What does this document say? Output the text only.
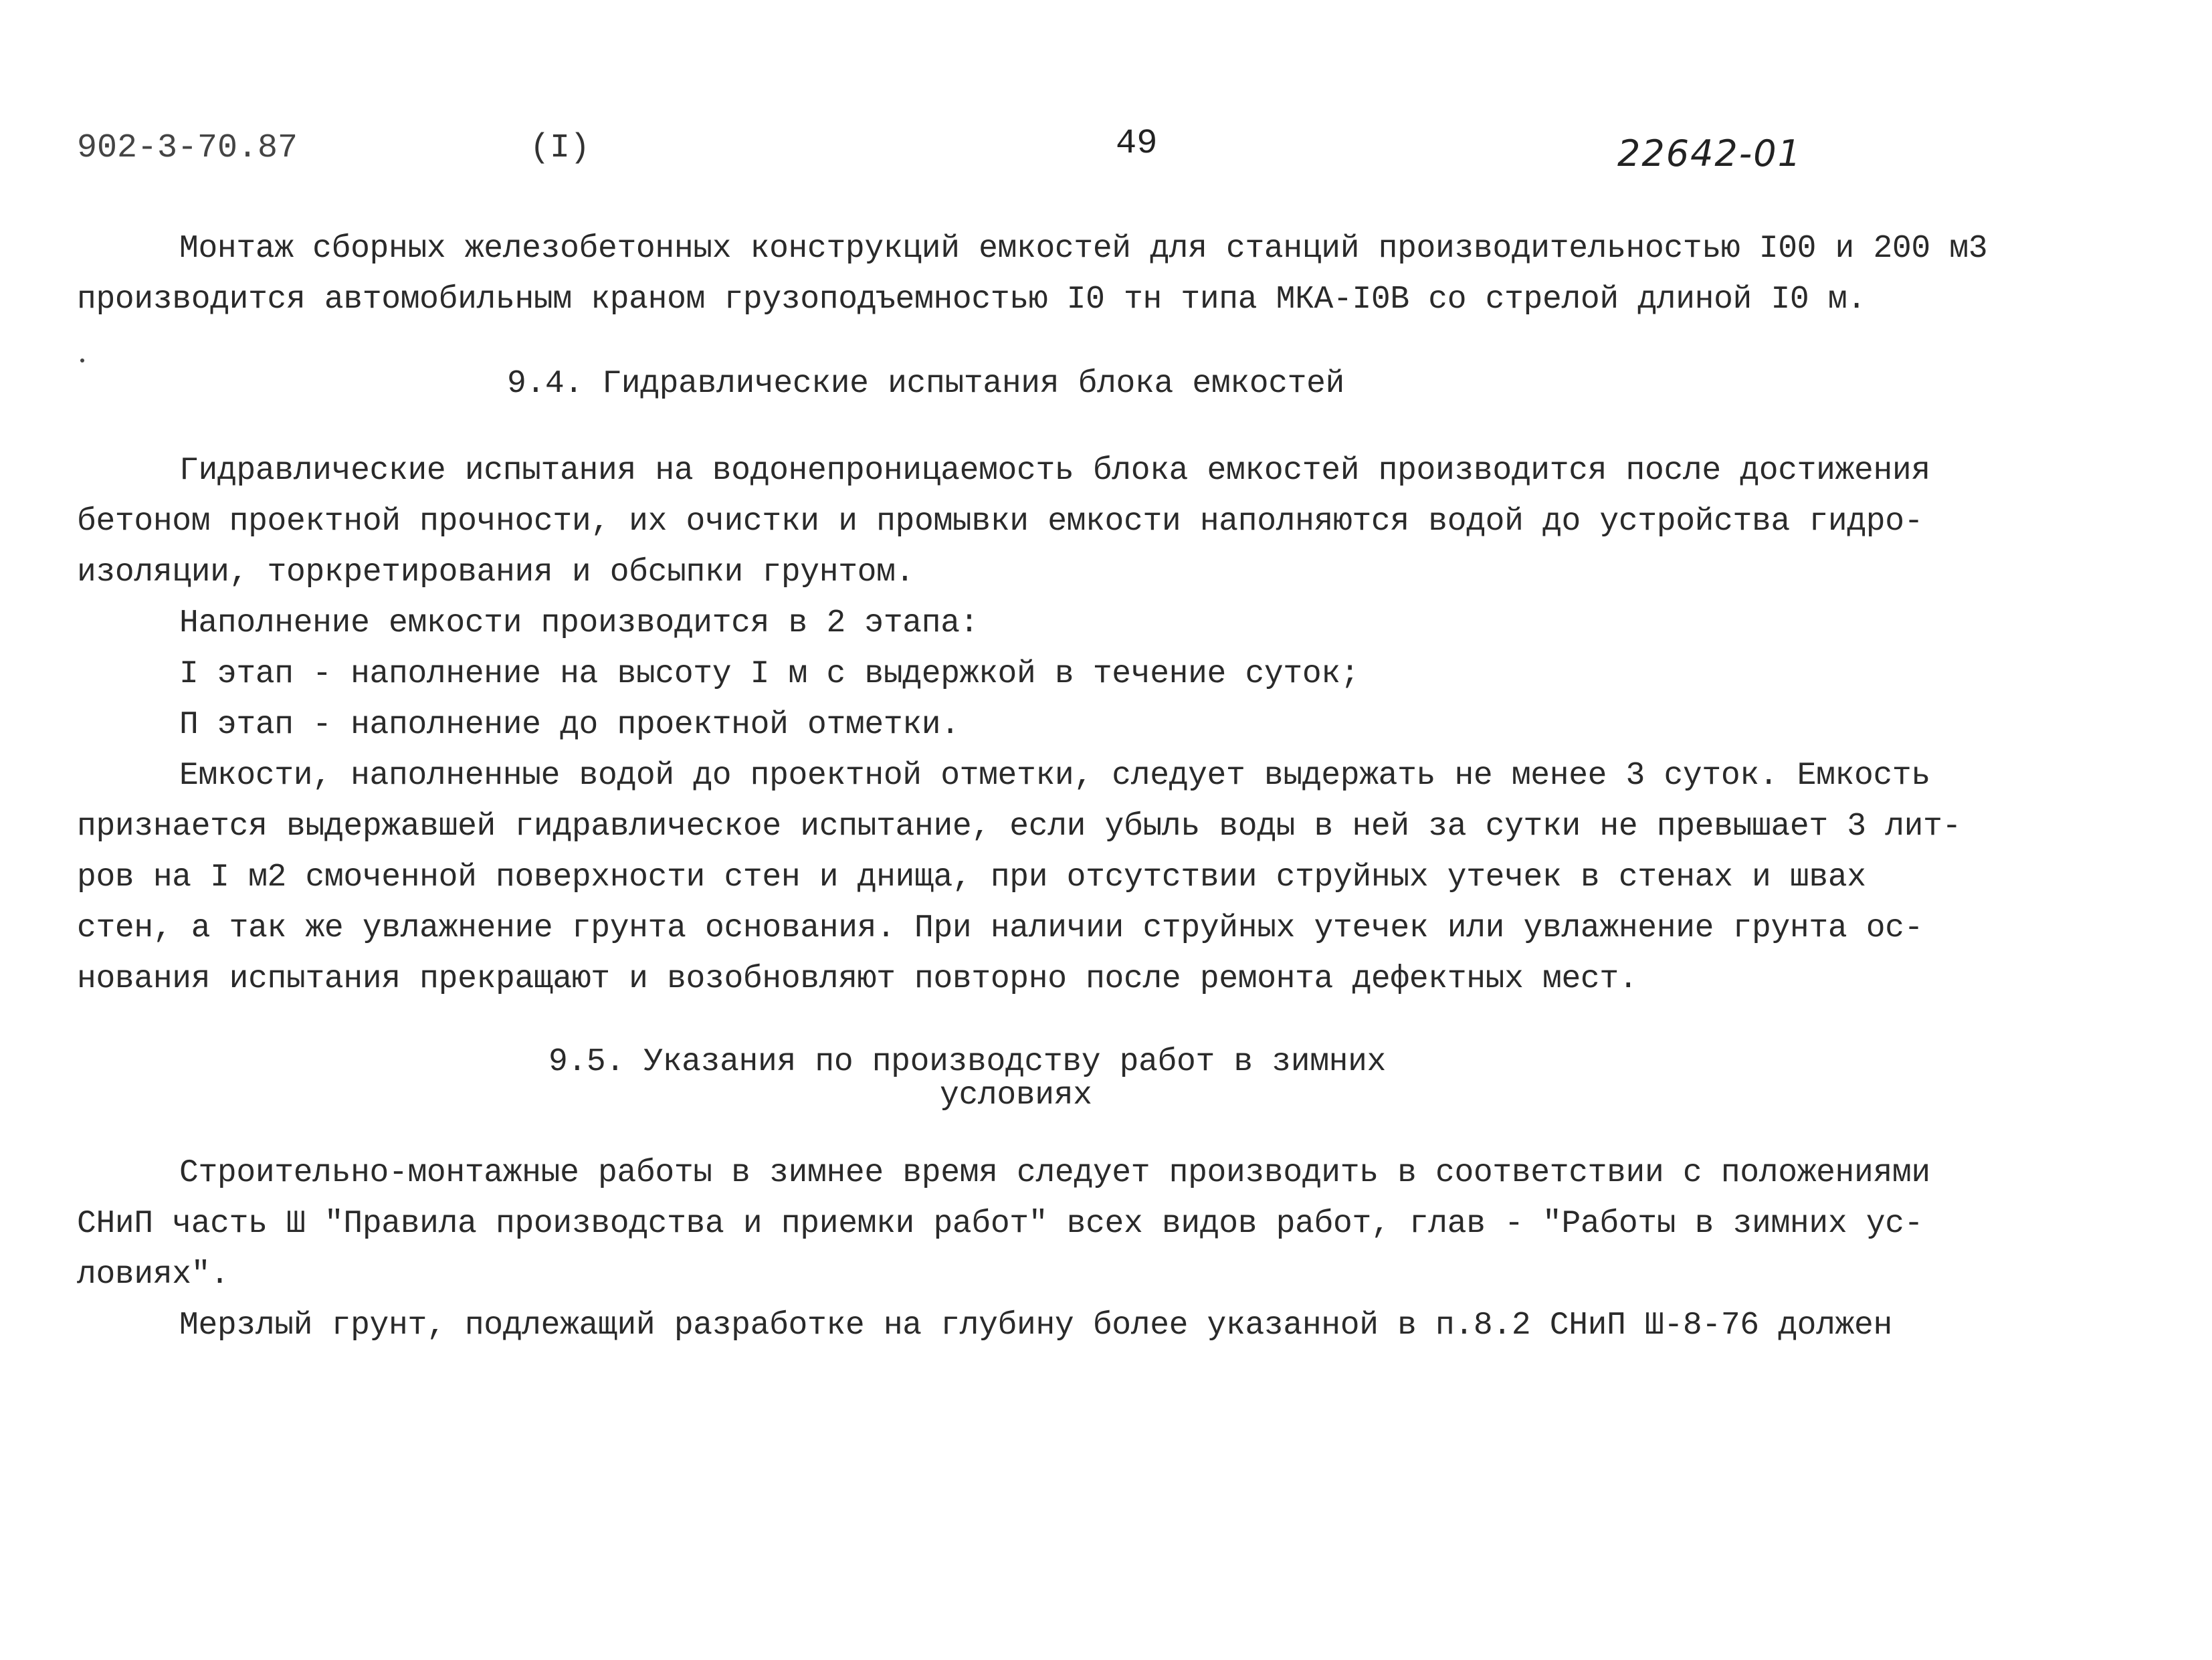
902-3-70.87	(I)	49	22642-01
Монтаж сборных железобетонных конструкций емкостей для станций производительностью I00 и 200 м3
производится автомобильным краном грузоподъемностью I0 тн типа МКА-I0В со стрелой длиной I0 м.
9.4. Гидравлические испытания блока емкостей
Гидравлические испытания на водонепроницаемость блока емкостей производится после достижения
бетоном проектной прочности, их очистки и промывки емкости наполняются водой до устройства гидро-
изоляции, торкретирования и обсыпки грунтом.
Наполнение емкости производится в 2 этапа:
I этап - наполнение на высоту I м с выдержкой в течение суток;
П этап - наполнение до проектной отметки.
Емкости, наполненные водой до проектной отметки, следует выдержать не менее 3 суток. Емкость
признается выдержавшей гидравлическое испытание, если убыль воды в ней за сутки не превышает 3 лит-
ров на I м2 смоченной поверхности стен и днища, при отсутствии струйных утечек в стенах и швах
стен, а так же увлажнение грунта основания. При наличии струйных утечек или увлажнение грунта ос-
нования испытания прекращают и возобновляют повторно после ремонта дефектных мест.
9.5. Указания по производству работ в зимних
условиях
Строительно-монтажные работы в зимнее время следует производить в соответствии с положениями
СНиП часть Ш "Правила производства и приемки работ" всех видов работ, глав - "Работы в зимних ус-
ловиях".
Мерзлый грунт, подлежащий разработке на глубину более указанной в п.8.2 СНиП Ш-8-76 должен
